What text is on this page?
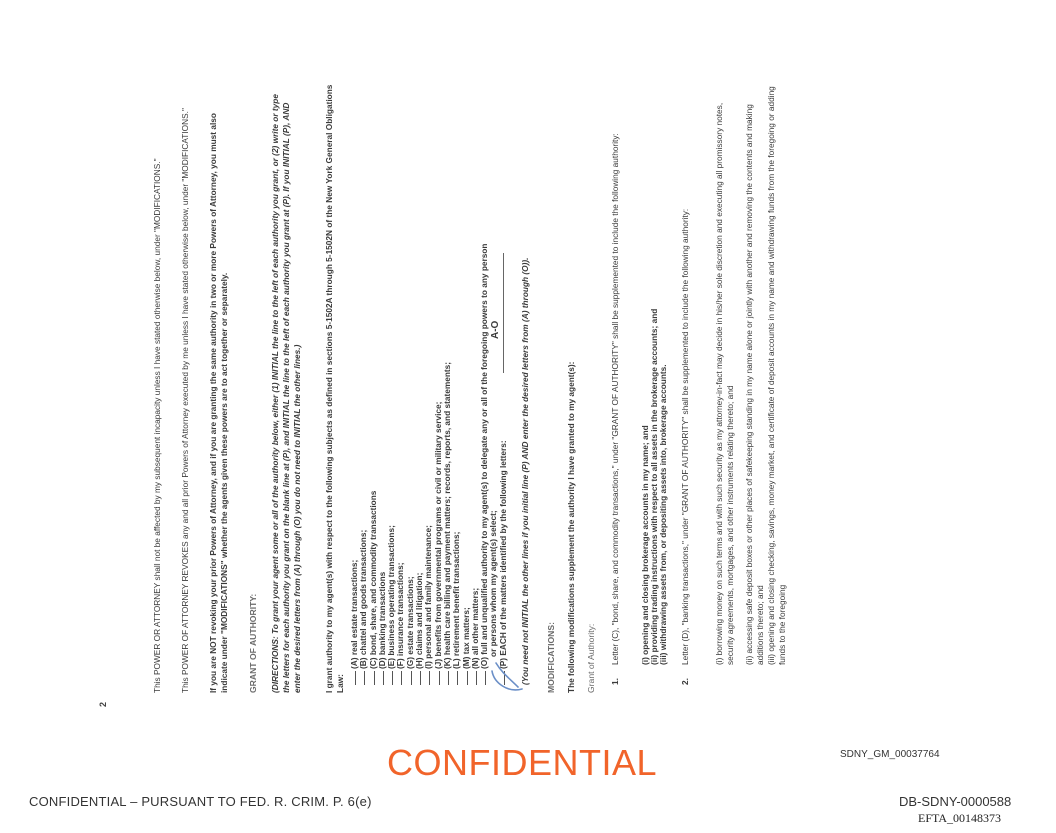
2

This POWER OR ATTORNEY shall not be affected by my subsequent incapacity unless I have stated otherwise below, under "MODIFICATIONS." This POWER OF ATTORNEY REVOKES any and all prior Powers of Attorney executed by me unless I have stated otherwise below, under "MODIFICATIONS." If you are NOT revoking your prior Powers of Attorney, and if you are granting the same authority in two or more Powers of Attorney, you must also indicate under "MODIFICATIONS" whether the agents given these powers are to act together or separately. GRANT OF AUTHORITY: (DIRECTIONS: To grant your agent some or all of the authority below, either (1) INITIAL the line to the left of each authority you grant, or (2) write or type the letters for each authority you grant on the blank line at (P), and INITIAL the line to the left of each authority you grant at (P). If you INITIAL (P), AND enter the desired letters from (A) through (O) you do not need to INITIAL the other lines.)	I grant authority to my agent(s) with respect to the following subjects as defined in sections 5-1502A through 5-1502N of the New York General Obligations Law:

(A) real estate transactions; (B) chattel and goods transactions; (C) bond, share, and commodity transactions (D) banking transactions (E) business operating transactions; (F) insurance transactions; (G) estate transactions; (H) claims and litigation; (I) personal and family maintenance; (J) benefits from governmental programs or civil or military service; (K) health care billing and payment matters; records, reports, and statements; (L) retirement benefit transactions; (M) tax matters; (N) all other matters; (O) full and unqualified authority to my agent(s) to delegate any or all of the foregoing powers to any person or persons whom my agent(s) select; (P) EACH of the matters identified by the following letters:
A-O (You need not INITIAL the other lines if you initial line (P) AND enter the desired letters from (A) through (O)). MODIFICATIONS: The following modifications supplement the authority I have granted to my agent(s): Grant of Authority: 1.

Letter (C), "bond, share, and commodity transactions," under "GRANT OF AUTHORITY" shall be supplemented to include the following authority: (i) opening and closing brokerage accounts in my name; and (ii) providing trading instructions with respect to all assets in the brokerage accounts; and (iii) withdrawing assets from, or depositing assets into, brokerage accounts.

2.

Letter (D), "banking transactions," under "GRANT OF AUTHORITY" shall be supplemented to include the following authority:	(i) borrowing money on such terms and with such security as my attorney-in-fact may decide in his/her sole discretion and executing all promissory notes, security agreements, mortgages, and other instruments relating thereto; and (ii) accessing safe deposit boxes or other places of safekeeping standing in my name alone or jointly with another and removing the contents and making additions thereto; and (iii) opening and closing checking, savings, money market, and certificate of deposit accounts in my name and withdrawing funds from the foregoing or adding funds to the foregoing

CONFIDENTIAL	SDNY_GM_00037764
CONFIDENTIAL – PURSUANT TO FED. R. CRIM. P. 6(e)	DB-SDNY-0000588
EFTA_00148373
